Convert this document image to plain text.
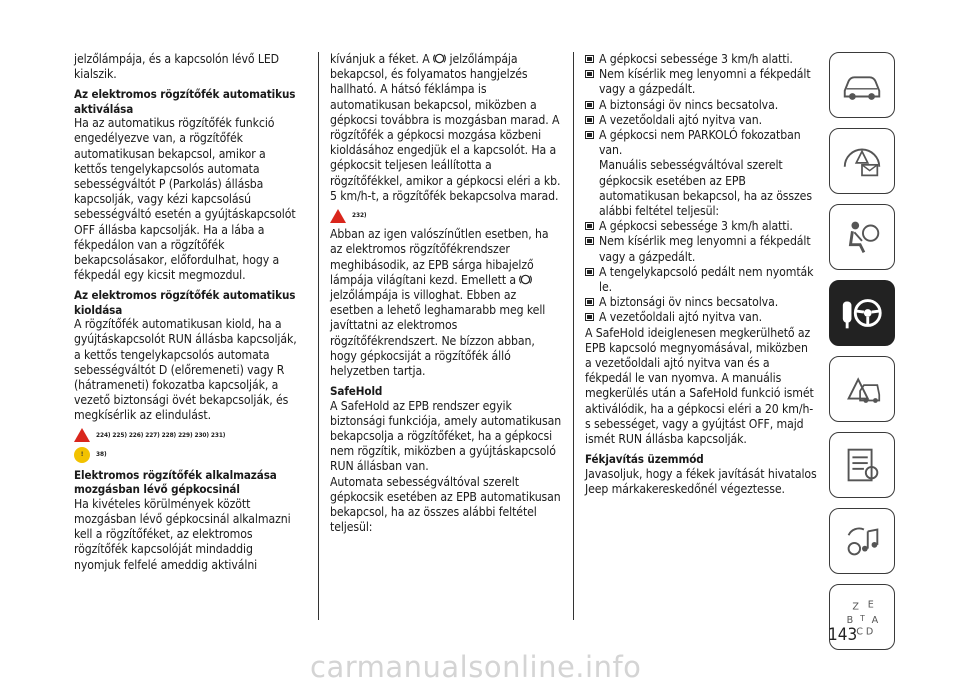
jelzőlámpája, és a kapcsolón lévő LED kialszik.

Az elektromos rögzítőfék automatikus aktiválása

Ha az automatikus rögzítőfék funkció engedélyezve van, a rögzítőfék automatikusan bekapcsol, amikor a kettős tengelykapcsolós automata sebességváltót P (Parkolás) állásba kapcsolják, vagy kézi kapcsolású sebességváltó esetén a gyújtáskapcsolót OFF állásba kapcsolják. Ha a lába a fékpedálon van a rögzítőfék bekapcsolásakor, előfordulhat, hogy a fékpedál egy kicsit megmozdul.

Az elektromos rögzítőfék automatikus kioldása

A rögzítőfék automatikusan kiold, ha a gyújtáskapcsolót RUN állásba kapcsolják, a kettős tengelykapcsolós automata sebességváltót D (előremeneti) vagy R (hátrameneti) fokozatba kapcsolják, a vezető biztonsági övét bekapcsolják, és megkísérlik az elindulást.

224) 225) 226) 227) 228) 229) 230) 231)
!	38)

Elektromos rögzítőfék alkalmazása mozgásban lévő gépkocsinál

Ha kivételes körülmények között mozgásban lévő gépkocsinál alkalmazni kell a rögzítőféket, az elektromos rögzítőfék kapcsolóját mindaddig nyomjuk felfelé ameddig aktiválni

kívánjuk a féket. A jelzőlámpája bekapcsol, és folyamatos hangjelzés hallható. A hátsó féklámpa is automatikusan bekapcsol, miközben a gépkocsi továbbra is mozgásban marad. A rögzítőfék a gépkocsi mozgása közbeni kioldásához engedjük el a kapcsolót. Ha a gépkocsit teljesen leállította a rögzítőfékkel, amikor a gépkocsi eléri a kb. 5 km/h-t, a rögzítőfék bekapcsolva marad.

232)

Abban az igen valószínűtlen esetben, ha az elektromos rögzítőfékrendszer meghibásodik, az EPB sárga hibajelző lámpája világítani kezd. Emellett a  jelzőlámpája is villoghat. Ebben az esetben a lehető leghamarabb meg kell javíttatni az elektromos rögzítőfékrendszert. Ne bízzon abban, hogy gépkocsiját a rögzítőfék álló helyzetben tartja.

SafeHold

A SafeHold az EPB rendszer egyik biztonsági funkciója, amely automatikusan bekapcsolja a rögzítőféket, ha a gépkocsi nem rögzítik, miközben a gyújtáskapcsoló RUN állásban van.

Automata sebességváltóval szerelt gépkocsik esetében az EPB automatikusan bekapcsol, ha az összes alábbi feltétel teljesül:

A gépkocsi sebessége 3 km/h alatti.
Nem kísérlik meg lenyomni a fékpedált vagy a gázpedált.
A biztonsági öv nincs becsatolva.
A vezetőoldali ajtó nyitva van.
A gépkocsi nem PARKOLÓ fokozatban van.

Manuális sebességváltóval szerelt gépkocsik esetében az EPB automatikusan bekapcsol, ha az összes alábbi feltétel teljesül:

A gépkocsi sebessége 3 km/h alatti.
Nem kísérlik meg lenyomni a fékpedált vagy a gázpedált.
A tengelykapcsoló pedált nem nyomták le.
A biztonsági öv nincs becsatolva.
A vezetőoldali ajtó nyitva van.

A SafeHold ideiglenesen megkerülhető az EPB kapcsoló megnyomásával, miközben a vezetőoldali ajtó nyitva van és a fékpedál le van nyomva. A manuális megkerülés után a SafeHold funkció ismét aktiválódik, ha a gépkocsi eléri a 20 km/h-s sebességet, vagy a gyújtást OFF, majd ismét RUN állásba kapcsolják.

Fékjavítás üzemmód

Javasoljuk, hogy a fékek javítását hivatalos Jeep márkakereskedőnél végeztesse.

Z E
B A
D
C
T
143
carmanualsonline.info
